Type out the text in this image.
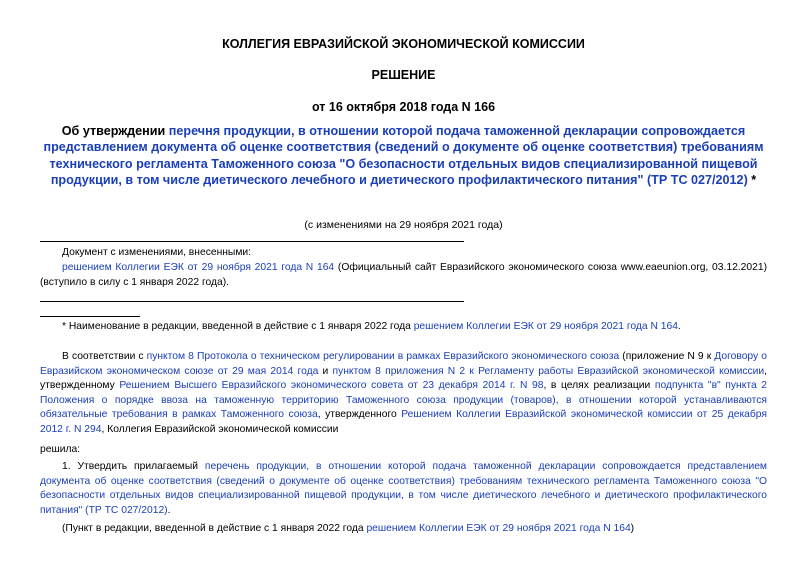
КОЛЛЕГИЯ ЕВРАЗИЙСКОЙ ЭКОНОМИЧЕСКОЙ КОМИССИИ
РЕШЕНИЕ
от 16 октября 2018 года N 166
Об утверждении перечня продукции, в отношении которой подача таможенной декларации сопровождается представлением документа об оценке соответствия (сведений о документе об оценке соответствия) требованиям технического регламента Таможенного союза "О безопасности отдельных видов специализированной пищевой продукции, в том числе диетического лечебного и диетического профилактического питания" (ТР ТС 027/2012) *
(с изменениями на 29 ноября 2021 года)
Документ с изменениями, внесенными:
решением Коллегии ЕЭК от 29 ноября 2021 года N 164 (Официальный сайт Евразийского экономического союза www.eaeunion.org, 03.12.2021) (вступило в силу с 1 января 2022 года).
* Наименование в редакции, введенной в действие с 1 января 2022 года решением Коллегии ЕЭК от 29 ноября 2021 года N 164.
В соответствии с пунктом 8 Протокола о техническом регулировании в рамках Евразийского экономического союза (приложение N 9 к Договору о Евразийском экономическом союзе от 29 мая 2014 года и пунктом 8 приложения N 2 к Регламенту работы Евразийской экономической комиссии, утвержденному Решением Высшего Евразийского экономического совета от 23 декабря 2014 г. N 98, в целях реализации подпункта "в" пункта 2 Положения о порядке ввоза на таможенную территорию Таможенного союза продукции (товаров), в отношении которой устанавливаются обязательные требования в рамках Таможенного союза, утвержденного Решением Коллегии Евразийской экономической комиссии от 25 декабря 2012 г. N 294, Коллегия Евразийской экономической комиссии
решила:
1. Утвердить прилагаемый перечень продукции, в отношении которой подача таможенной декларации сопровождается представлением документа об оценке соответствия (сведений о документе об оценке соответствия) требованиям технического регламента Таможенного союза "О безопасности отдельных видов специализированной пищевой продукции, в том числе диетического лечебного и диетического профилактического питания" (ТР ТС 027/2012).
(Пункт в редакции, введенной в действие с 1 января 2022 года решением Коллегии ЕЭК от 29 ноября 2021 года N 164)
